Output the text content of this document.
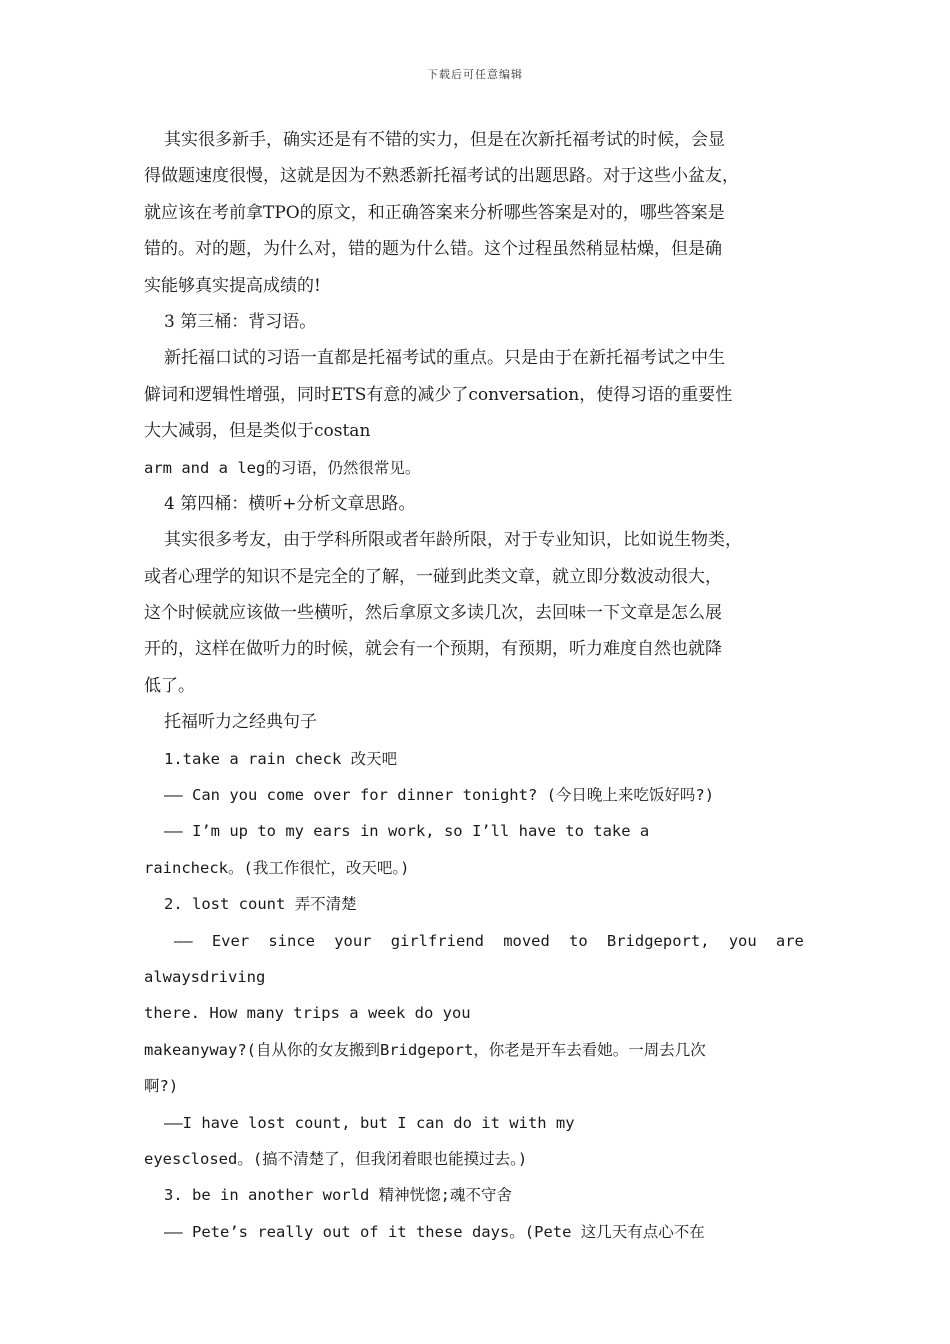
下载后可任意编辑
其实很多新手，确实还是有不错的实力，但是在次新托福考试的时候，会显
得做题速度很慢，这就是因为不熟悉新托福考试的出题思路。对于这些小盆友，
就应该在考前拿TPO的原文，和正确答案来分析哪些答案是对的，哪些答案是
错的。对的题，为什么对，错的题为什么错。这个过程虽然稍显枯燥，但是确
实能够真实提高成绩的!
3 第三桶：背习语。
新托福口试的习语一直都是托福考试的重点。只是由于在新托福考试之中生
僻词和逻辑性增强，同时ETS有意的减少了conversation，使得习语的重要性
大大减弱，但是类似于costan
arm and a leg的习语，仍然很常见。
4 第四桶：横听+分析文章思路。
其实很多考友，由于学科所限或者年龄所限，对于专业知识，比如说生物类，
或者心理学的知识不是完全的了解，一碰到此类文章，就立即分数波动很大，
这个时候就应该做一些横听，然后拿原文多读几次，去回味一下文章是怎么展
开的，这样在做听力的时候，就会有一个预期，有预期，听力难度自然也就降
低了。
托福听力之经典句子
1.take a rain check 改天吧
—— Can you come over for dinner tonight? (今日晚上来吃饭好吗?)
—— I’m up to my ears in work, so I’ll have to take a
raincheck。(我工作很忙，改天吧。)
2. lost count 弄不清楚
—— Ever since your girlfriend moved to Bridgeport, you are
alwaysdriving
there. How many trips a week do you
makeanyway?(自从你的女友搬到Bridgeport，你老是开车去看她。一周去几次
啊?)
——I have lost count, but I can do it with my
eyesclosed。(搞不清楚了，但我闭着眼也能摸过去。)
3. be in another world 精神恍惚;魂不守舍
—— Pete’s really out of it these days。(Pete 这几天有点心不在
